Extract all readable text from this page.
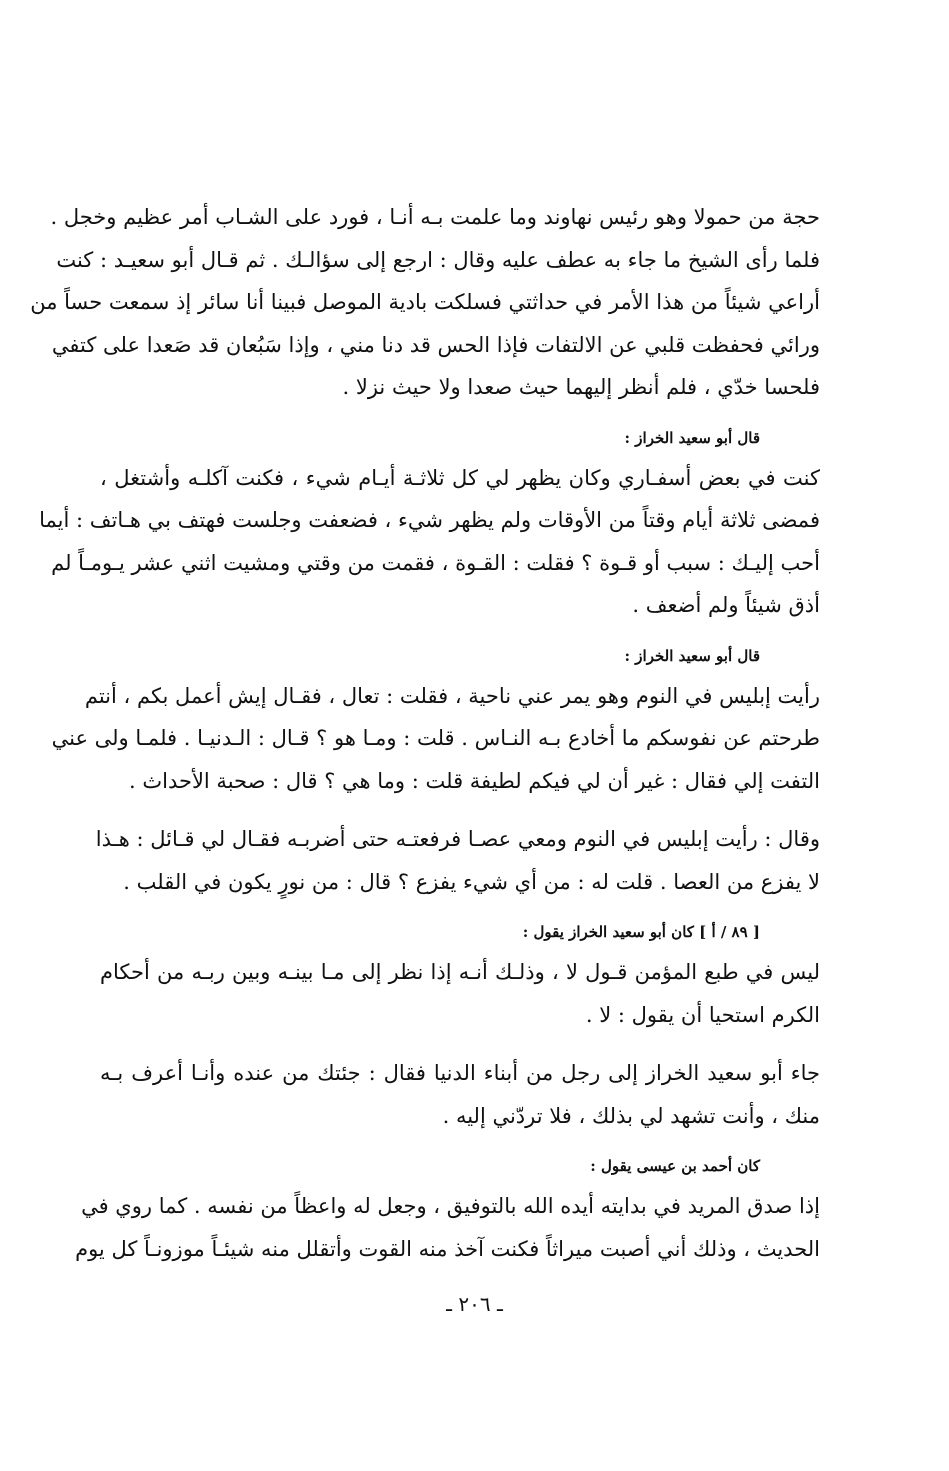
حجة من حمولا وهو رئيس نهاوند وما علمت بـه أنـا ، فورد على الشـاب أمر عظيم وخجل .
فلما رأى الشيخ ما جاء به عطف عليه وقال : ارجع إلى سؤالـك . ثم قـال أبو سعيـد : كنت
أراعي شيئاً من هذا الأمر في حداثتي فسلكت بادية الموصل فبينا أنا سائر إذ سمعت حساً من
ورائي فحفظت قلبي عن الالتفات فإذا الحس قد دنا مني ، وإذا سَبُعان قد صَعدا على كتفي
فلحسا خدّي ، فلم أنظر إليهما حيث صعدا ولا حيث نزلا .

قال أبو سعيد الخراز :

كنت في بعض أسفـاري وكان يظهر لي كل ثلاثـة أيـام شيء ، فكنت آكلـه وأشتغل ،
فمضى ثلاثة أيام وقتاً من الأوقات ولم يظهر شيء ، فضعفت وجلست فهتف بي هـاتف : أيما
أحب إليـك : سبب أو قـوة ؟ فقلت : القـوة ، فقمت من وقتي ومشيت اثني عشر يـومـاً لم
أذق شيئاً ولم أضعف .

قال أبو سعيد الخراز :

رأيت إبليس في النوم وهو يمر عني ناحية ، فقلت : تعال ، فقـال إيش أعمل بكم ، أنتم
طرحتم عن نفوسكم ما أخادع بـه النـاس . قلت : ومـا هو ؟ قـال : الـدنيـا . فلمـا ولى عني
التفت إلي فقال : غير أن لي فيكم لطيفة قلت : وما هي ؟ قال : صحبة الأحداث .

وقال : رأيت إبليس في النوم ومعي عصـا فرفعتـه حتى أضربـه فقـال لي قـائل : هـذا
لا يفزع من العصا . قلت له : من أي شيء يفزع ؟ قال : من نورٍ يكون في القلب .

[ ٨٩ / أ ] كان أبو سعيد الخراز يقول :

ليس في طبع المؤمن قـول لا ، وذلـك أنـه إذا نظر إلى مـا بينـه وبين ربـه من أحكام
الكرم استحيا أن يقول : لا .

جاء أبو سعيد الخراز إلى رجل من أبناء الدنيا فقال : جئتك من عنده وأنـا أعرف بـه
منك ، وأنت تشهد لي بذلك ، فلا تردّني إليه .

كان أحمد بن عيسى يقول :

إذا صدق المريد في بدايته أيده الله بالتوفيق ، وجعل له واعظاً من نفسه . كما روي في
الحديث ، وذلك أني أصبت ميراثاً فكنت آخذ منه القوت وأتقلل منه شيئـاً موزونـاً كل يوم

ـ ٢٠٦ ـ
